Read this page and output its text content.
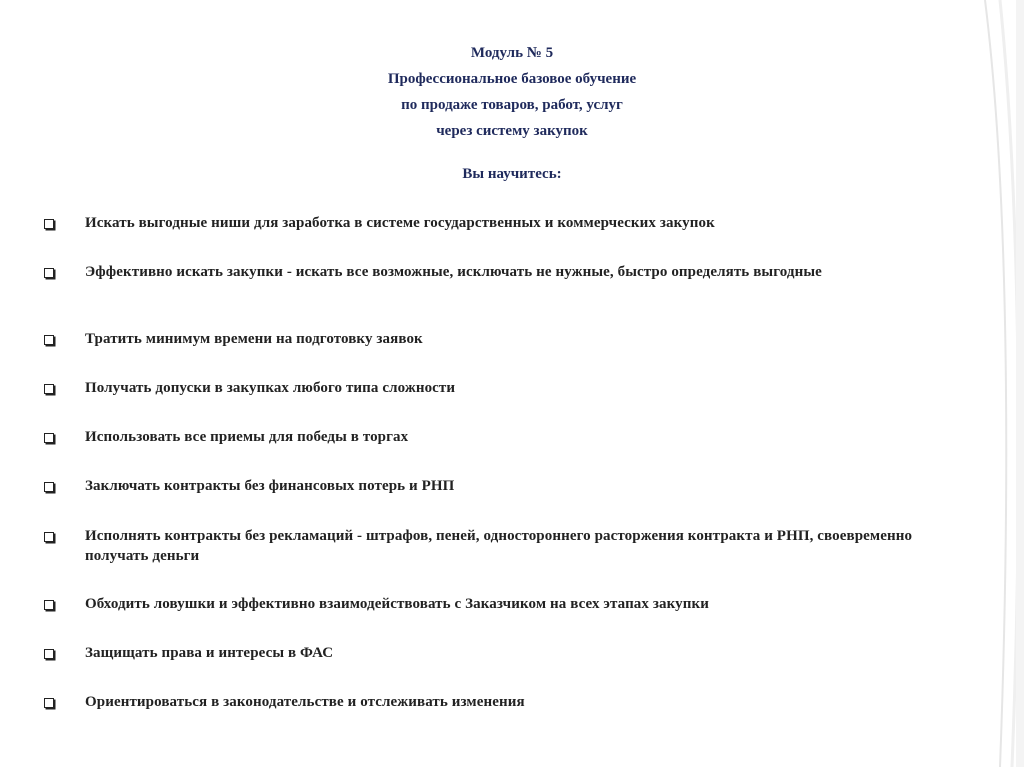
Модуль № 5
Профессиональное базовое обучение
по продаже товаров, работ, услуг
через систему закупок
Вы научитесь:
Искать выгодные ниши для заработка в системе государственных и коммерческих закупок
Эффективно искать закупки - искать все возможные, исключать не нужные, быстро определять выгодные
Тратить минимум времени на подготовку заявок
Получать допуски в закупках любого типа сложности
Использовать все приемы для победы в торгах
Заключать контракты без финансовых потерь и РНП
Исполнять контракты без рекламаций - штрафов, пеней, одностороннего расторжения контракта и РНП, своевременно получать деньги
Обходить ловушки и эффективно взаимодействовать с Заказчиком на всех этапах закупки
Защищать права и интересы в ФАС
Ориентироваться в законодательстве и отслеживать изменения
